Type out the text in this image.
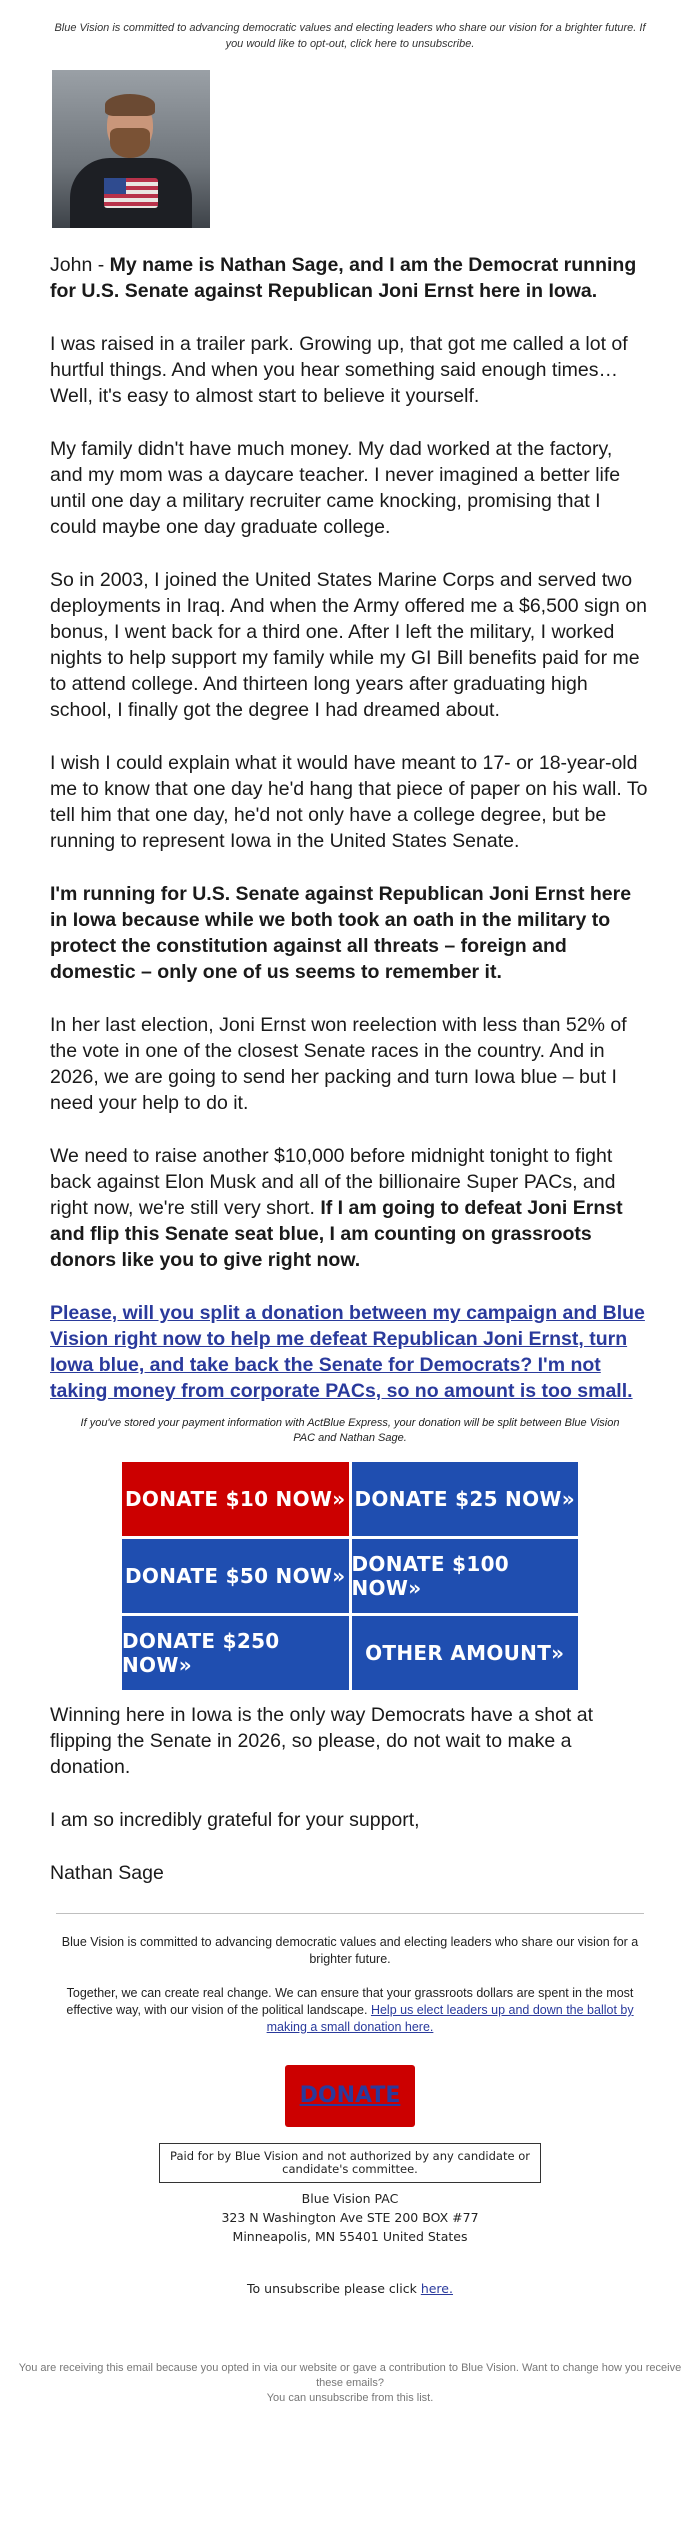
Blue Vision is committed to advancing democratic values and electing leaders who share our vision for a brighter future. If you would like to opt-out, click here to unsubscribe.

John - My name is Nathan Sage, and I am the Democrat running for U.S. Senate against Republican Joni Ernst here in Iowa.

I was raised in a trailer park. Growing up, that got me called a lot of hurtful things. And when you hear something said enough times… Well, it's easy to almost start to believe it yourself.

My family didn't have much money. My dad worked at the factory, and my mom was a daycare teacher. I never imagined a better life until one day a military recruiter came knocking, promising that I could maybe one day graduate college.

So in 2003, I joined the United States Marine Corps and served two deployments in Iraq. And when the Army offered me a $6,500 sign on bonus, I went back for a third one. After I left the military, I worked nights to help support my family while my GI Bill benefits paid for me to attend college. And thirteen long years after graduating high school, I finally got the degree I had dreamed about.

I wish I could explain what it would have meant to 17- or 18-year-old me to know that one day he'd hang that piece of paper on his wall. To tell him that one day, he'd not only have a college degree, but be running to represent Iowa in the United States Senate.

I'm running for U.S. Senate against Republican Joni Ernst here in Iowa because while we both took an oath in the military to protect the constitution against all threats – foreign and domestic – only one of us seems to remember it.

In her last election, Joni Ernst won reelection with less than 52% of the vote in one of the closest Senate races in the country. And in 2026, we are going to send her packing and turn Iowa blue – but I need your help to do it.

We need to raise another $10,000 before midnight tonight to fight back against Elon Musk and all of the billionaire Super PACs, and right now, we're still very short. If I am going to defeat Joni Ernst and flip this Senate seat blue, I am counting on grassroots donors like you to give right now.

Please, will you split a donation between my campaign and Blue Vision right now to help me defeat Republican Joni Ernst, turn Iowa blue, and take back the Senate for Democrats? I'm not taking money from corporate PACs, so no amount is too small.

If you've stored your payment information with ActBlue Express, your donation will be split between Blue Vision PAC and Nathan Sage.
DONATE $10 NOW» DONATE $25 NOW»
DONATE $50 NOW» DONATE $100 NOW»
DONATE $250 NOW»	OTHER AMOUNT»

Winning here in Iowa is the only way Democrats have a shot at flipping the Senate in 2026, so please, do not wait to make a donation.

I am so incredibly grateful for your support,

Nathan Sage

Blue Vision is committed to advancing democratic values and electing leaders who share our vision for a brighter future.

Together, we can create real change. We can ensure that your grassroots dollars are spent in the most effective way, with our vision of the political landscape. Help us elect leaders up and down the ballot by making a small donation here.

DONATE
Paid for by Blue Vision and not authorized by any candidate or candidate's committee.
Blue Vision PAC
323 N Washington Ave STE 200 BOX #77
Minneapolis, MN 55401 United States
To unsubscribe please click here.
You are receiving this email because you opted in via our website or gave a contribution to Blue Vision. Want to change how you receive these emails?
You can unsubscribe from this list.
